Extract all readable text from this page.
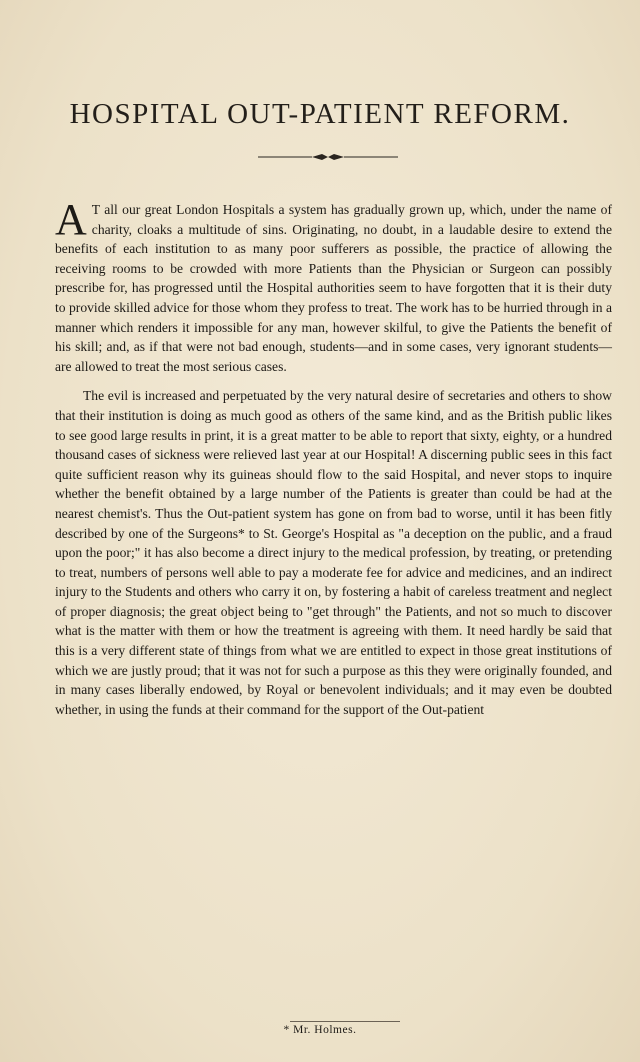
HOSPITAL OUT-PATIENT REFORM.

A T all our great London Hospitals a system has gradually grown up, which, under the name of charity, cloaks a multitude of sins. Originating, no doubt, in a laudable desire to extend the benefits of each institution to as many poor sufferers as possible, the practice of allowing the receiving rooms to be crowded with more Patients than the Physician or Surgeon can possibly prescribe for, has progressed until the Hospital authorities seem to have forgotten that it is their duty to provide skilled advice for those whom they profess to treat. The work has to be hurried through in a manner which renders it impossible for any man, however skilful, to give the Patients the benefit of his skill; and, as if that were not bad enough, students—and in some cases, very ignorant students—are allowed to treat the most serious cases.

The evil is increased and perpetuated by the very natural desire of secretaries and others to show that their institution is doing as much good as others of the same kind, and as the British public likes to see good large results in print, it is a great matter to be able to report that sixty, eighty, or a hundred thousand cases of sickness were relieved last year at our Hospital! A discerning public sees in this fact quite sufficient reason why its guineas should flow to the said Hospital, and never stops to inquire whether the benefit obtained by a large number of the Patients is greater than could be had at the nearest chemist's. Thus the Out-patient system has gone on from bad to worse, until it has been fitly described by one of the Surgeons* to St. George's Hospital as "a deception on the public, and a fraud upon the poor;" it has also become a direct injury to the medical profession, by treating, or pretending to treat, numbers of persons well able to pay a moderate fee for advice and medicines, and an indirect injury to the Students and others who carry it on, by fostering a habit of careless treatment and neglect of proper diagnosis; the great object being to "get through" the Patients, and not so much to discover what is the matter with them or how the treatment is agreeing with them. It need hardly be said that this is a very different state of things from what we are entitled to expect in those great institutions of which we are justly proud; that it was not for such a purpose as this they were originally founded, and in many cases liberally endowed, by Royal or benevolent individuals; and it may even be doubted whether, in using the funds at their command for the support of the Out-patient

* Mr. Holmes.
